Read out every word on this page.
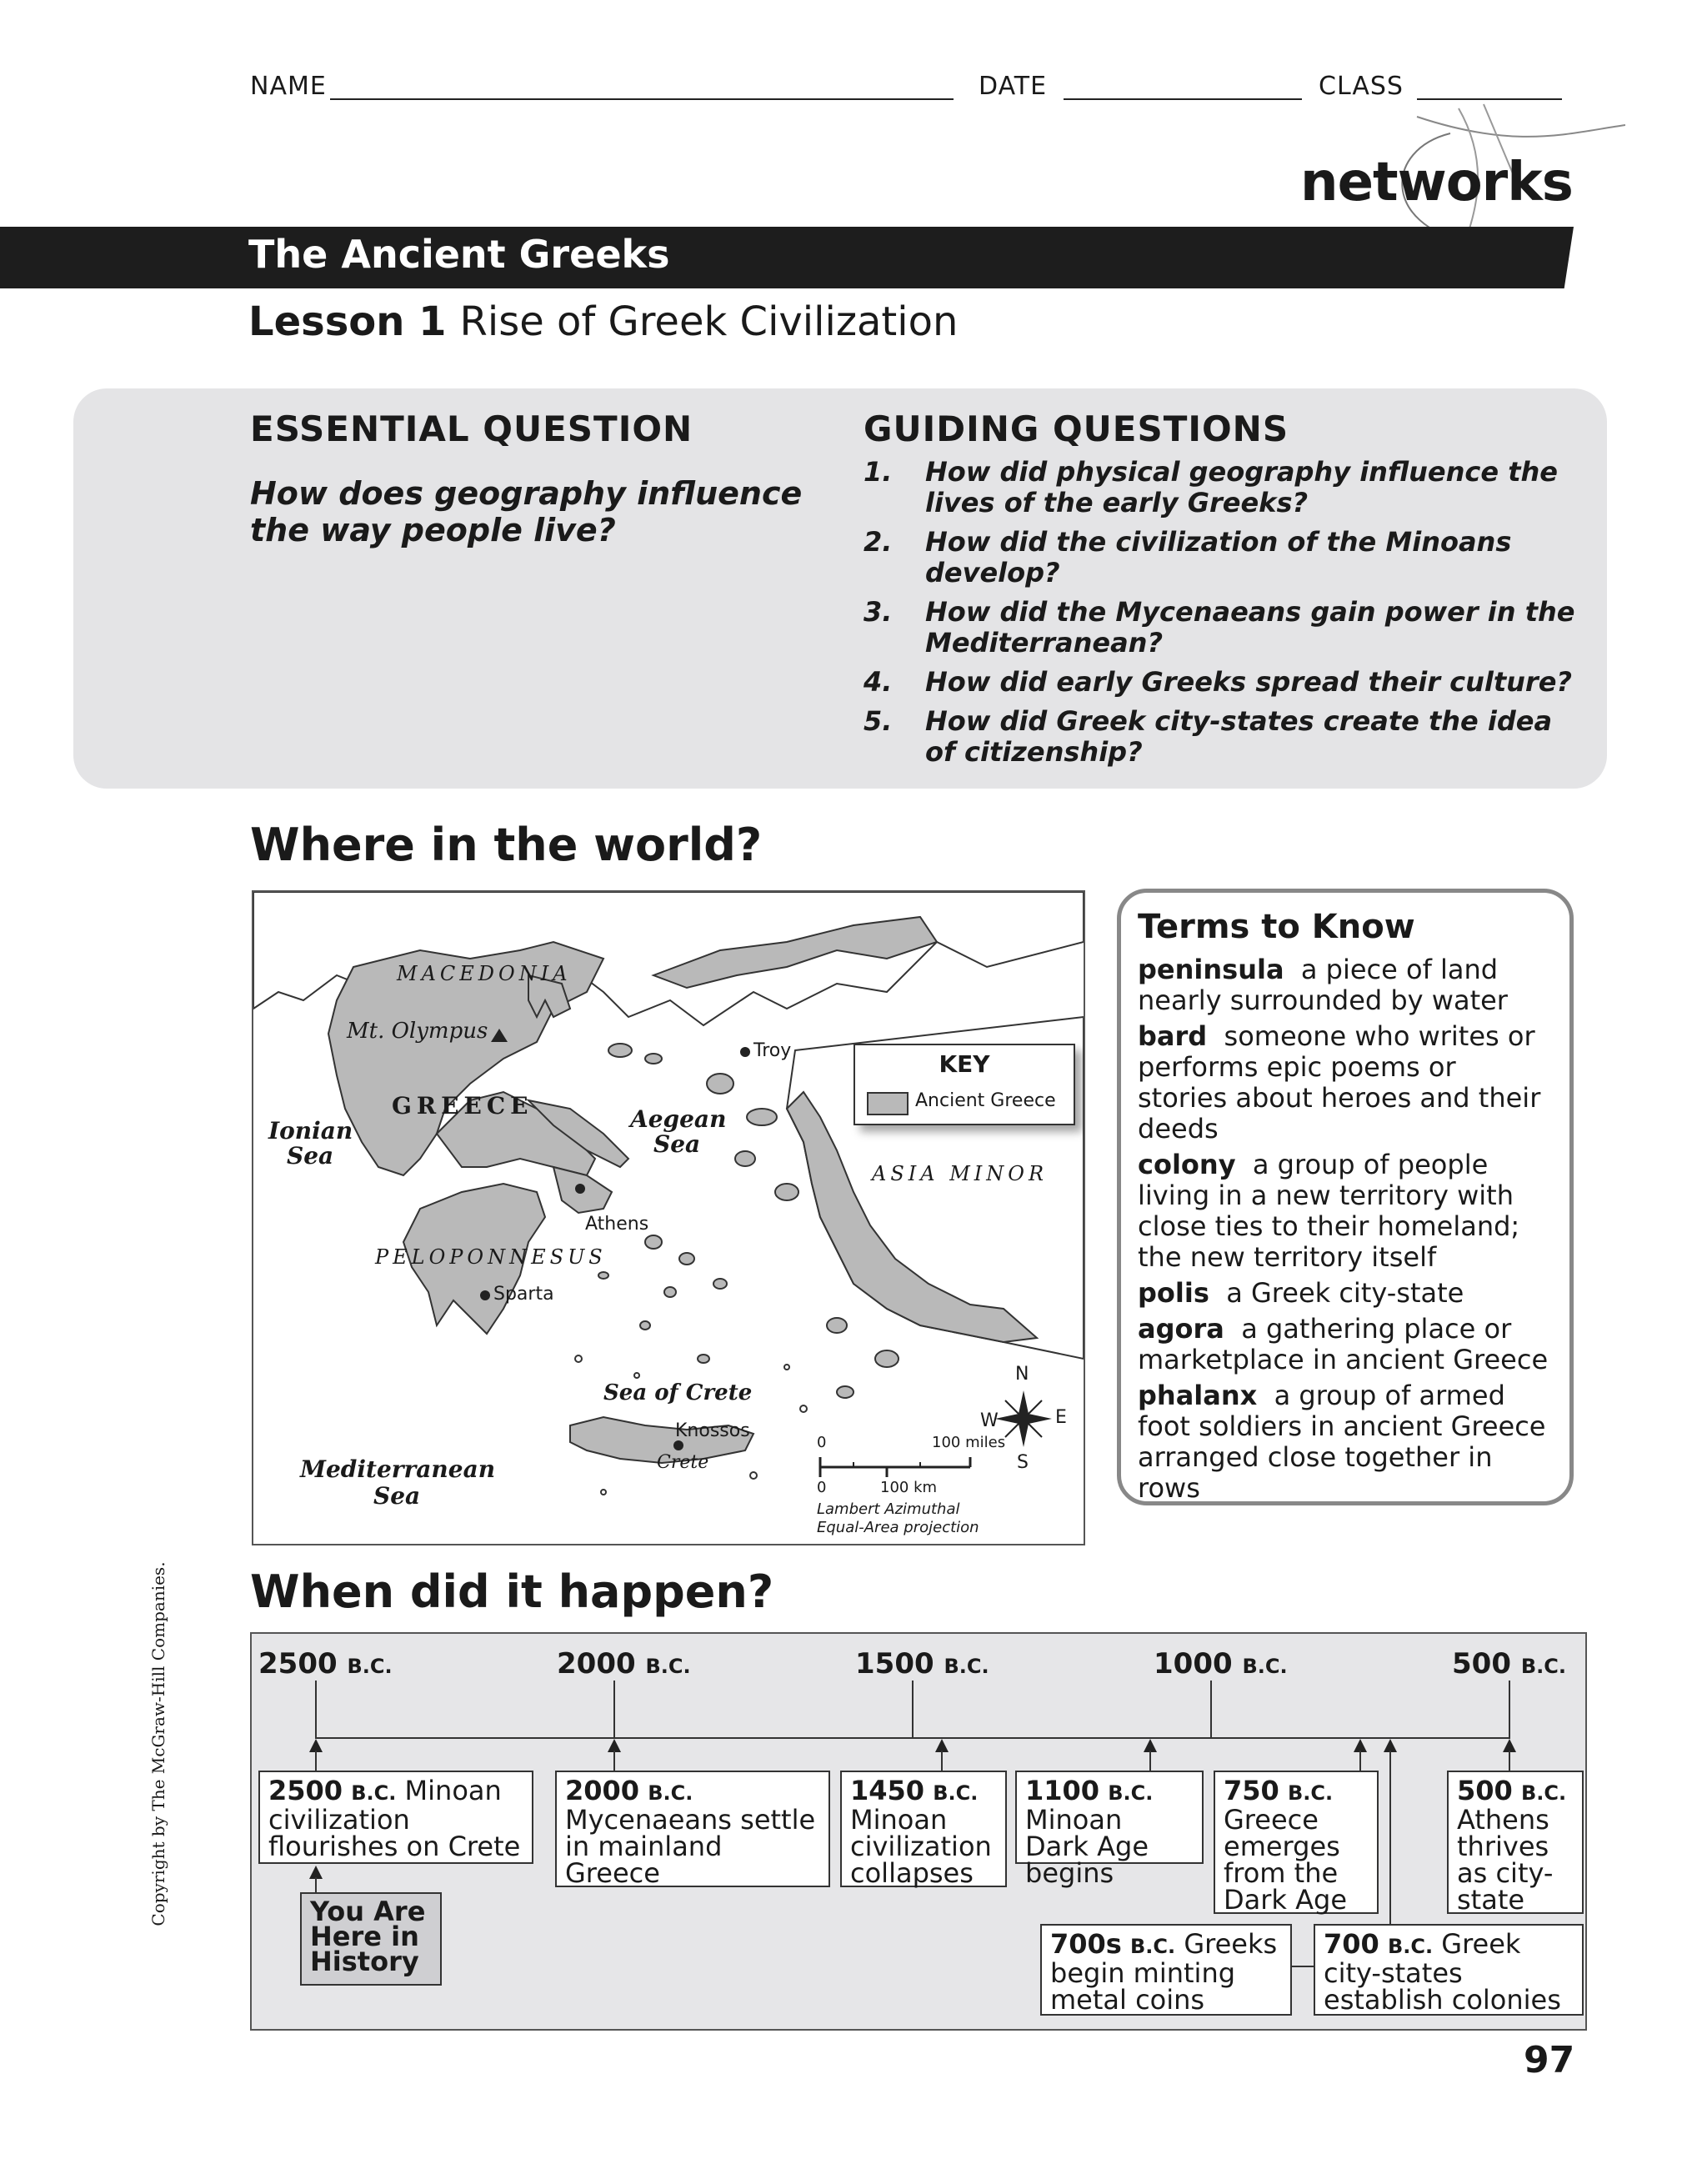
NAME	DATE	CLASS
networks
The Ancient Greeks
Lesson 1 Rise of Greek Civilization
ESSENTIAL QUESTION
How does geography influence the way people live?
GUIDING QUESTIONS
1.	How did physical geography influence the lives of the early Greeks?
2.	How did the civilization of the Minoans develop?
3.	How did the Mycenaeans gain power in the Mediterranean?
4.	How did early Greeks spread their culture?
5.	How did Greek city-states create the idea of citizenship?
Where in the world?
MACEDONIA
Mt. Olympus
GREECE
Ionian
Sea
Aegean
Sea
Troy
ASIA MINOR
Athens
PELOPONNESUS
Sparta
Sea of Crete
Knossos
Crete
Mediterranean
Sea
KEY
Ancient Greece
N
S
E
W
0	100 miles
0	100 km
Lambert Azimuthal
Equal-Area projection
Terms to Know
peninsula a piece of land nearly surrounded by water
bard someone who writes or performs epic poems or stories about heroes and their deeds
colony a group of people living in a new territory with close ties to their homeland; the new territory itself
polis a Greek city-state
agora a gathering place or marketplace in ancient Greece
phalanx a group of armed foot soldiers in ancient Greece arranged close together in rows
When did it happen?
2500 B.C.	2000 B.C.	1500 B.C.	1000 B.C.	500 B.C.
2500 B.C. Minoan civilization flourishes on Crete
2000 B.C. Mycenaeans settle in mainland Greece
1450 B.C. Minoan civilization collapses
1100 B.C. Minoan Dark Age begins
750 B.C. Greece emerges from the Dark Age
500 B.C. Athens thrives as city-state
700s B.C. Greeks begin minting metal coins
700 B.C. Greek city-states establish colonies
You Are Here in History
97
Copyright by The McGraw-Hill Companies.
